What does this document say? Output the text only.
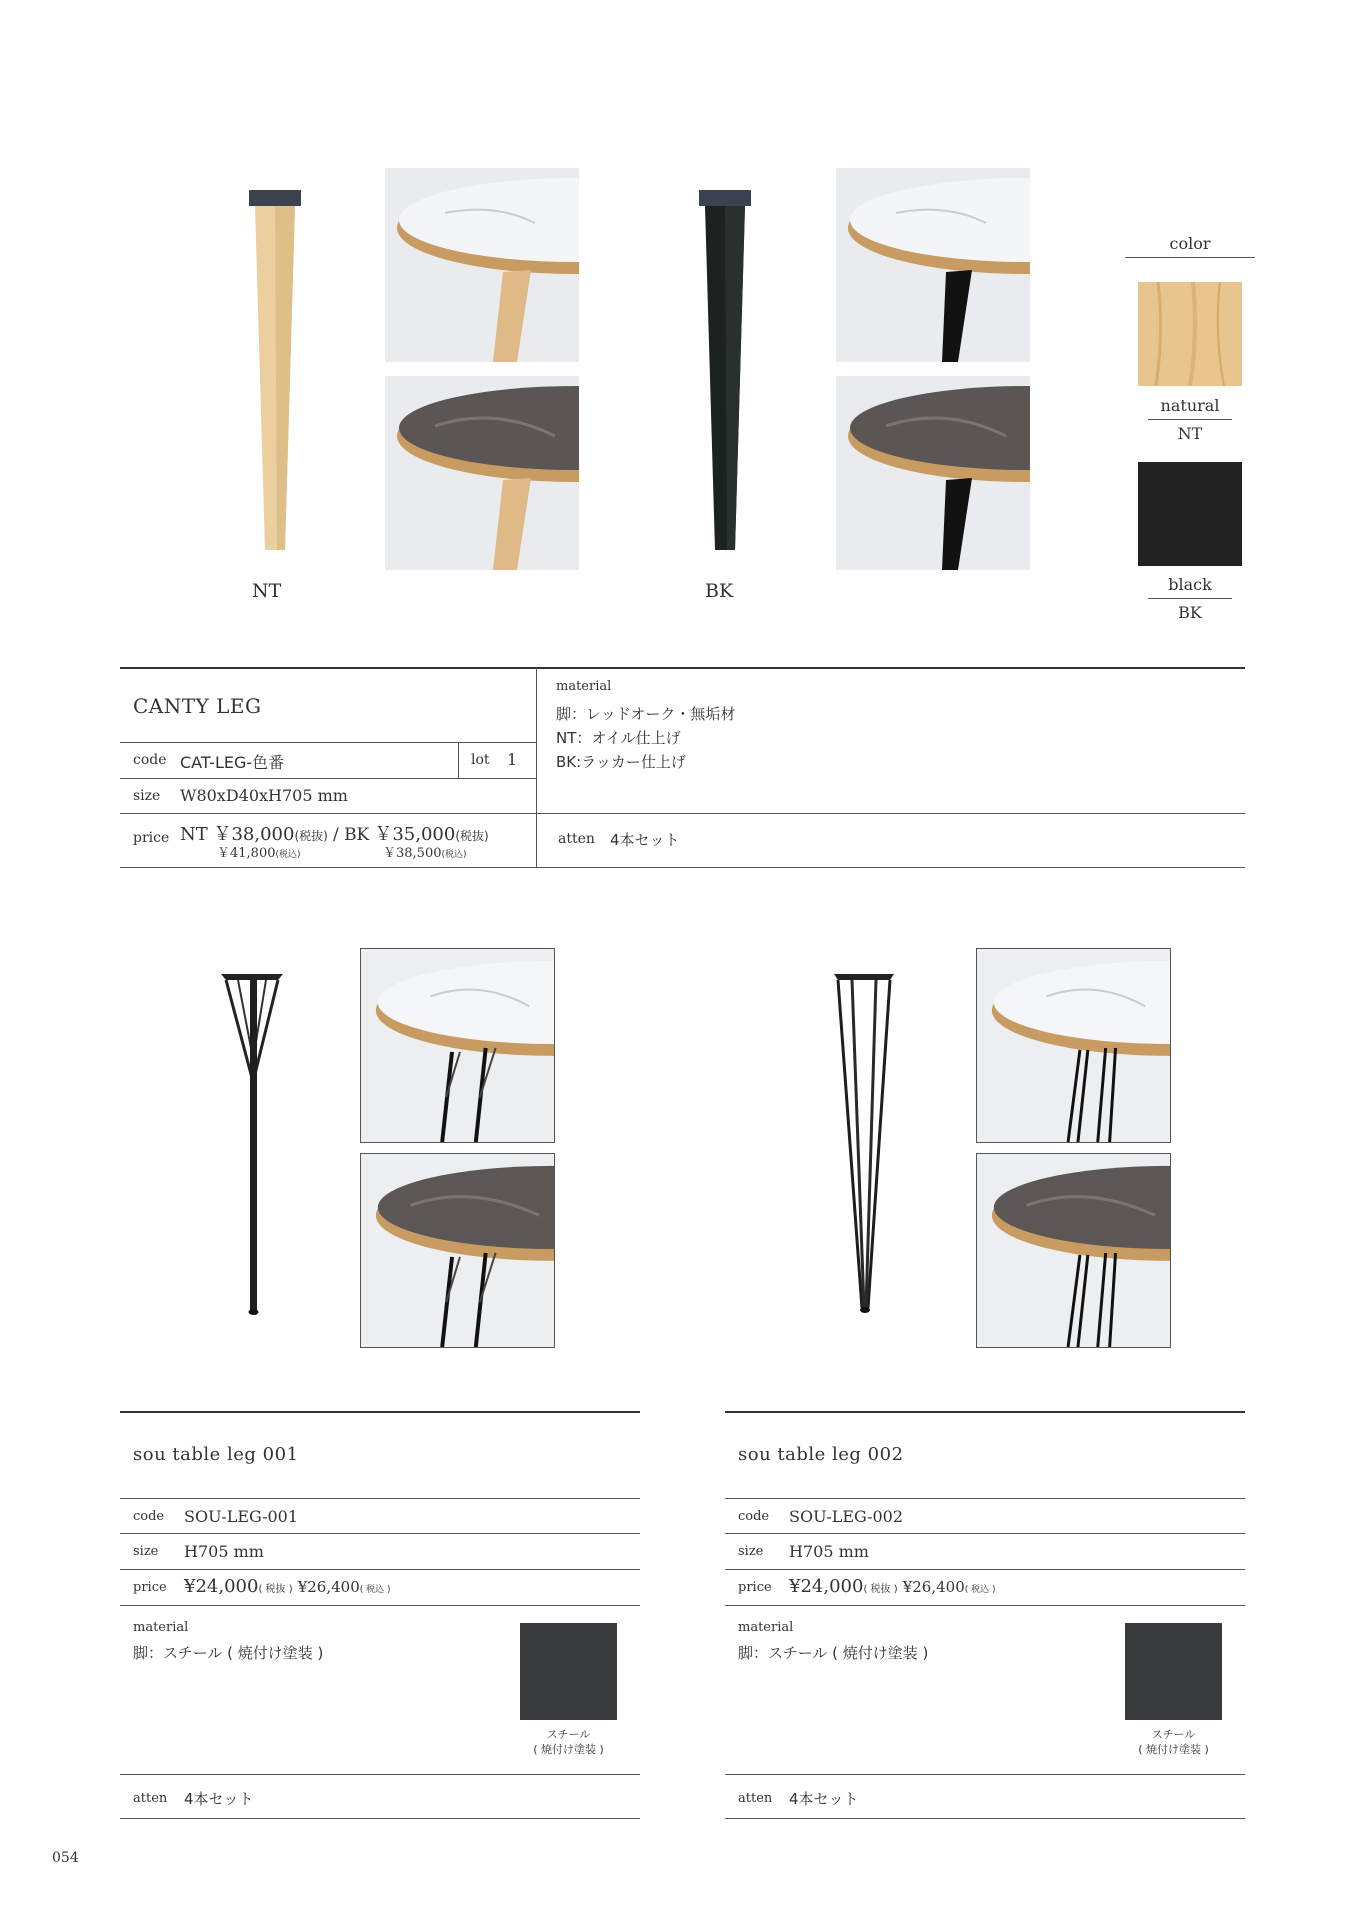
NT	BK
color
natural
NT
black
BK
CANTY LEG
code CAT-LEG-色番	lot 1
size W80xD40xH705 mm
price NT ￥38,000(税抜) / BK ￥35,000(税抜)
￥41,800(税込)	￥38,500(税込)
material
脚：レッドオーク・無垢材
NT：オイル仕上げ
BK:ラッカー仕上げ
atten 4本セット
sou table leg 001
code SOU-LEG-001
size H705 mm
price ¥24,000( 税抜 ) ¥26,400( 税込 )
material
脚：スチール ( 焼付け塗装 )
スチール
( 焼付け塗装 )
atten 4本セット
sou table leg 002
code SOU-LEG-002
size H705 mm
price ¥24,000( 税抜 ) ¥26,400( 税込 )
material
脚：スチール ( 焼付け塗装 )
スチール
( 焼付け塗装 )
atten 4本セット
054
